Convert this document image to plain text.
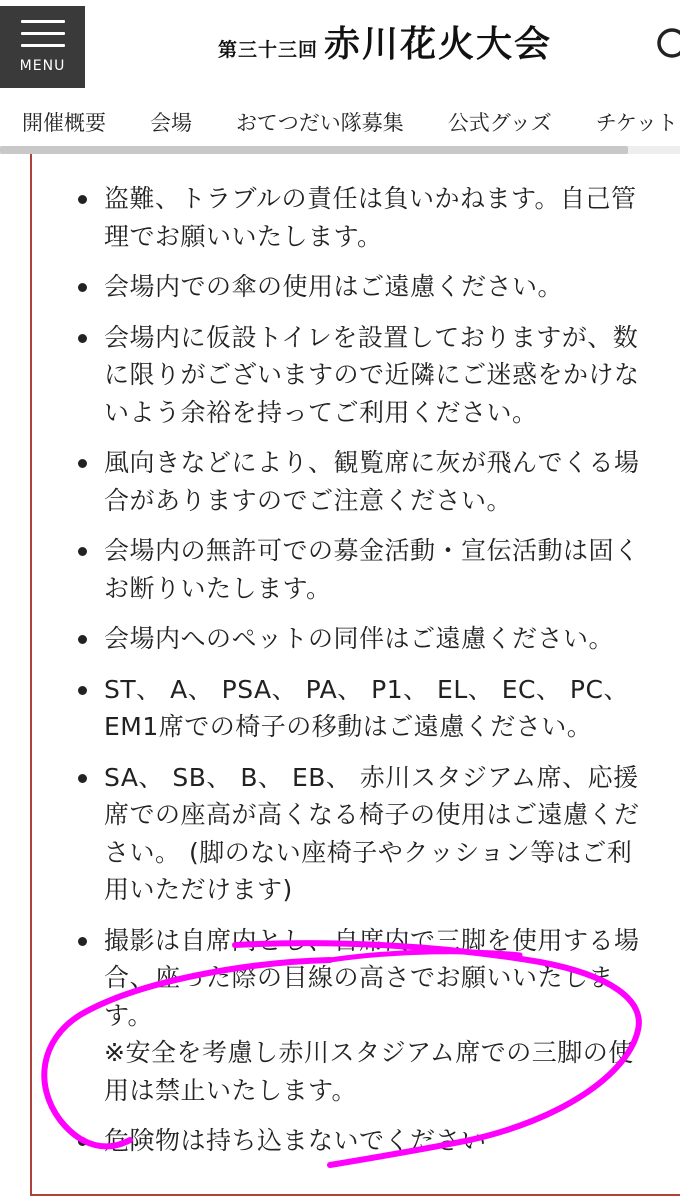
MENU
第三十三回 赤川花火大会
開催概要 会場 おてつだい隊募集 公式グッズ チケット
盗難、トラブルの責任は負いかねます。自己管理でお願いいたします。
会場内での傘の使用はご遠慮ください。
会場内に仮設トイレを設置しておりますが、数に限りがございますので近隣にご迷惑をかけないよう余裕を持ってご利用ください。
風向きなどにより、観覧席に灰が飛んでくる場合がありますのでご注意ください。
会場内の無許可での募金活動・宣伝活動は固くお断りいたします。
会場内へのペットの同伴はご遠慮ください。
ST、 A、 PSA、 PA、 P1、 EL、 EC、 PC、 EM1席での椅子の移動はご遠慮ください。
SA、 SB、 B、 EB、 赤川スタジアム席、応援席での座高が高くなる椅子の使用はご遠慮ください。 (脚のない座椅子やクッション等はご利用いただけます)
撮影は自席内とし、自席内で三脚を使用する場合、座った際の目線の高さでお願いいたします。
※安全を考慮し赤川スタジアム席での三脚の使用は禁止いたします。
危険物は持ち込まないでください
